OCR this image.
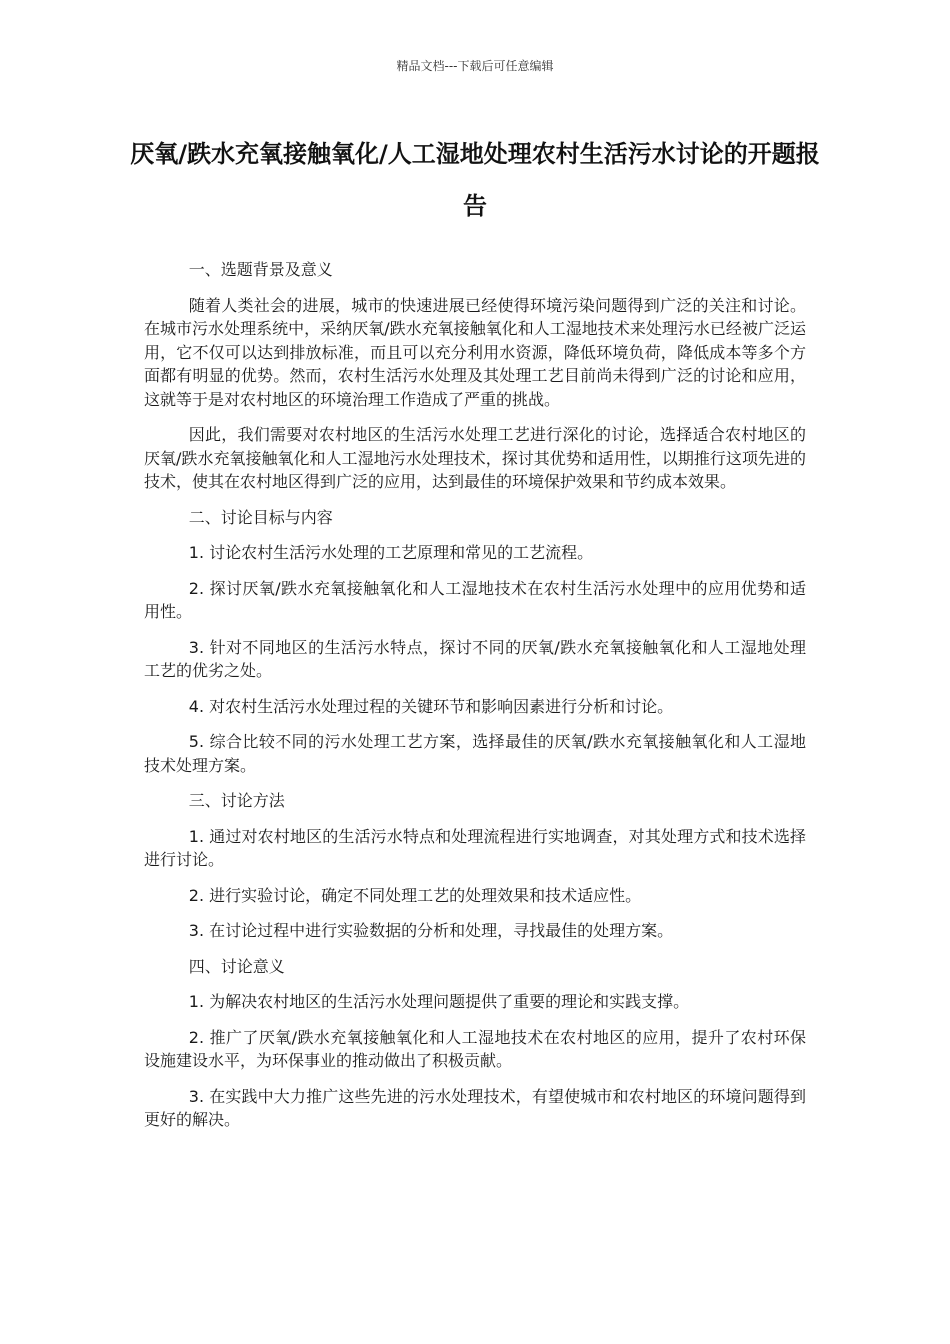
精品文档---下载后可任意编辑
厌氧/跌水充氧接触氧化/人工湿地处理农村生活污水讨论的开题报告

一、选题背景及意义

随着人类社会的进展，城市的快速进展已经使得环境污染问题得到广泛的关注和讨论。在城市污水处理系统中，采纳厌氧/跌水充氧接触氧化和人工湿地技术来处理污水已经被广泛运用，它不仅可以达到排放标准，而且可以充分利用水资源，降低环境负荷，降低成本等多个方面都有明显的优势。然而，农村生活污水处理及其处理工艺目前尚未得到广泛的讨论和应用，这就等于是对农村地区的环境治理工作造成了严重的挑战。

因此，我们需要对农村地区的生活污水处理工艺进行深化的讨论，选择适合农村地区的厌氧/跌水充氧接触氧化和人工湿地污水处理技术，探讨其优势和适用性，以期推行这项先进的技术，使其在农村地区得到广泛的应用，达到最佳的环境保护效果和节约成本效果。

二、讨论目标与内容

1. 讨论农村生活污水处理的工艺原理和常见的工艺流程。

2. 探讨厌氧/跌水充氧接触氧化和人工湿地技术在农村生活污水处理中的应用优势和适用性。

3. 针对不同地区的生活污水特点，探讨不同的厌氧/跌水充氧接触氧化和人工湿地处理工艺的优劣之处。

4. 对农村生活污水处理过程的关键环节和影响因素进行分析和讨论。

5. 综合比较不同的污水处理工艺方案，选择最佳的厌氧/跌水充氧接触氧化和人工湿地技术处理方案。

三、讨论方法

1. 通过对农村地区的生活污水特点和处理流程进行实地调查，对其处理方式和技术选择进行讨论。

2. 进行实验讨论，确定不同处理工艺的处理效果和技术适应性。

3. 在讨论过程中进行实验数据的分析和处理，寻找最佳的处理方案。

四、讨论意义

1. 为解决农村地区的生活污水处理问题提供了重要的理论和实践支撑。

2. 推广了厌氧/跌水充氧接触氧化和人工湿地技术在农村地区的应用，提升了农村环保设施建设水平，为环保事业的推动做出了积极贡献。

3. 在实践中大力推广这些先进的污水处理技术，有望使城市和农村地区的环境问题得到更好的解决。
